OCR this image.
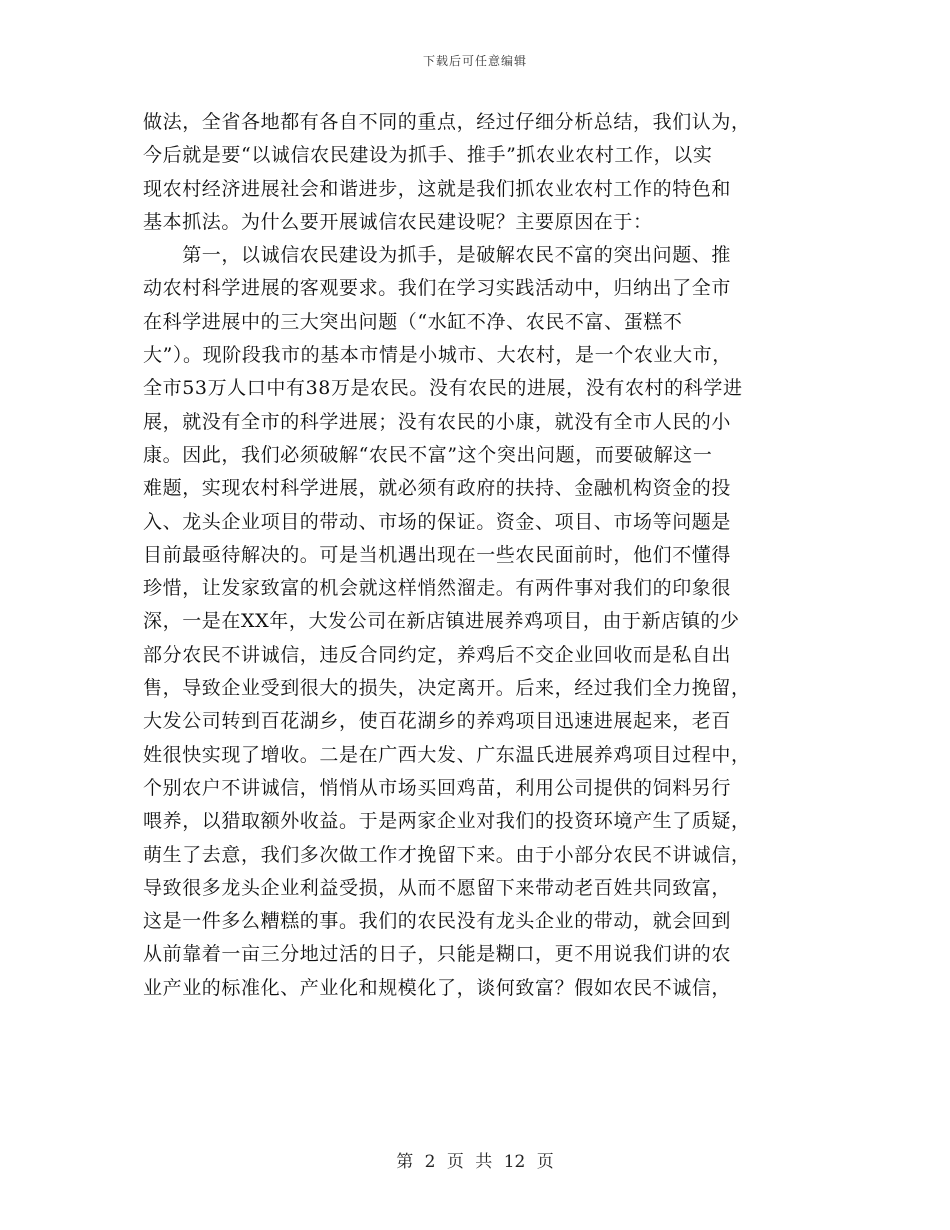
下载后可任意编辑
做法，全省各地都有各自不同的重点，经过仔细分析总结，我们认为，
今后就是要“以诚信农民建设为抓手、推手”抓农业农村工作，以实
现农村经济进展社会和谐进步，这就是我们抓农业农村工作的特色和
基本抓法。为什么要开展诚信农民建设呢？主要原因在于：
　　第一，以诚信农民建设为抓手，是破解农民不富的突出问题、推
动农村科学进展的客观要求。我们在学习实践活动中，归纳出了全市
在科学进展中的三大突出问题（“水缸不净、农民不富、蛋糕不
大”）。现阶段我市的基本市情是小城市、大农村，是一个农业大市，
全市53万人口中有38万是农民。没有农民的进展，没有农村的科学进
展，就没有全市的科学进展；没有农民的小康，就没有全市人民的小
康。因此，我们必须破解“农民不富”这个突出问题，而要破解这一
难题，实现农村科学进展，就必须有政府的扶持、金融机构资金的投
入、龙头企业项目的带动、市场的保证。资金、项目、市场等问题是
目前最亟待解决的。可是当机遇出现在一些农民面前时，他们不懂得
珍惜，让发家致富的机会就这样悄然溜走。有两件事对我们的印象很
深，一是在XX年，大发公司在新店镇进展养鸡项目，由于新店镇的少
部分农民不讲诚信，违反合同约定，养鸡后不交企业回收而是私自出
售，导致企业受到很大的损失，决定离开。后来，经过我们全力挽留，
大发公司转到百花湖乡，使百花湖乡的养鸡项目迅速进展起来，老百
姓很快实现了增收。二是在广西大发、广东温氏进展养鸡项目过程中，
个别农户不讲诚信，悄悄从市场买回鸡苗，利用公司提供的饲料另行
喂养，以猎取额外收益。于是两家企业对我们的投资环境产生了质疑，
萌生了去意，我们多次做工作才挽留下来。由于小部分农民不讲诚信，
导致很多龙头企业利益受损，从而不愿留下来带动老百姓共同致富，
这是一件多么糟糕的事。我们的农民没有龙头企业的带动，就会回到
从前靠着一亩三分地过活的日子，只能是糊口，更不用说我们讲的农
业产业的标准化、产业化和规模化了，谈何致富？假如农民不诚信，
第 2 页 共 12 页
